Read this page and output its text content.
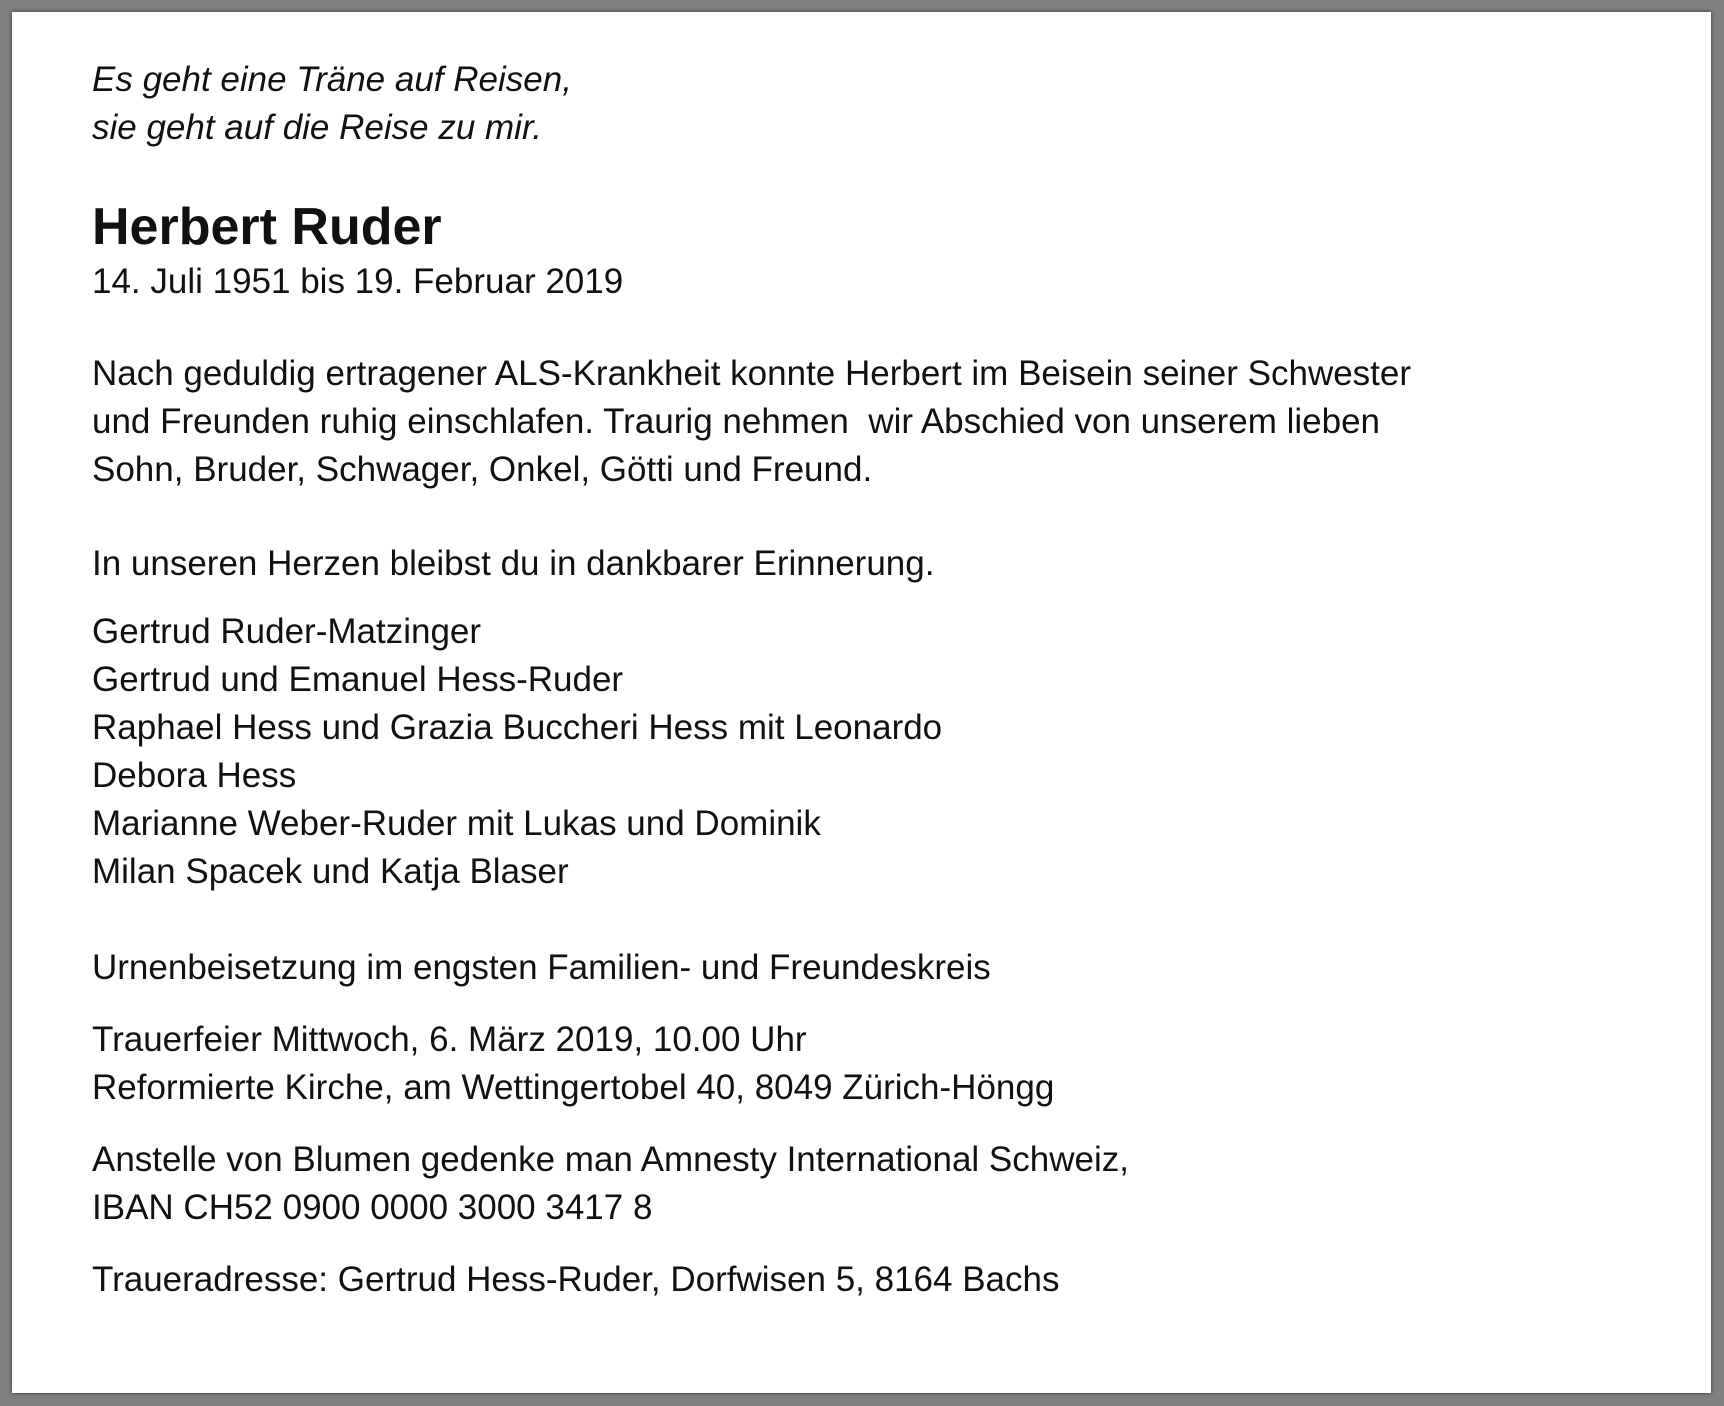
Es geht eine Träne auf Reisen,

sie geht auf die Reise zu mir.

Herbert Ruder

14. Juli 1951 bis 19. Februar 2019

Nach geduldig ertragener ALS-Krankheit konnte Herbert im Beisein seiner Schwester

und Freunden ruhig einschlafen. Traurig nehmen  wir Abschied von unserem lieben

Sohn, Bruder, Schwager, Onkel, Götti und Freund.

In unseren Herzen bleibst du in dankbarer Erinnerung.

Gertrud Ruder-Matzinger

Gertrud und Emanuel Hess-Ruder

Raphael Hess und Grazia Buccheri Hess mit Leonardo

Debora Hess

Marianne Weber-Ruder mit Lukas und Dominik

Milan Spacek und Katja Blaser

Urnenbeisetzung im engsten Familien- und Freundeskreis

Trauerfeier Mittwoch, 6. März 2019, 10.00 Uhr

Reformierte Kirche, am Wettingertobel 40, 8049 Zürich-Höngg

Anstelle von Blumen gedenke man Amnesty International Schweiz,

IBAN CH52 0900 0000 3000 3417 8

Traueradresse: Gertrud Hess-Ruder, Dorfwisen 5, 8164 Bachs
